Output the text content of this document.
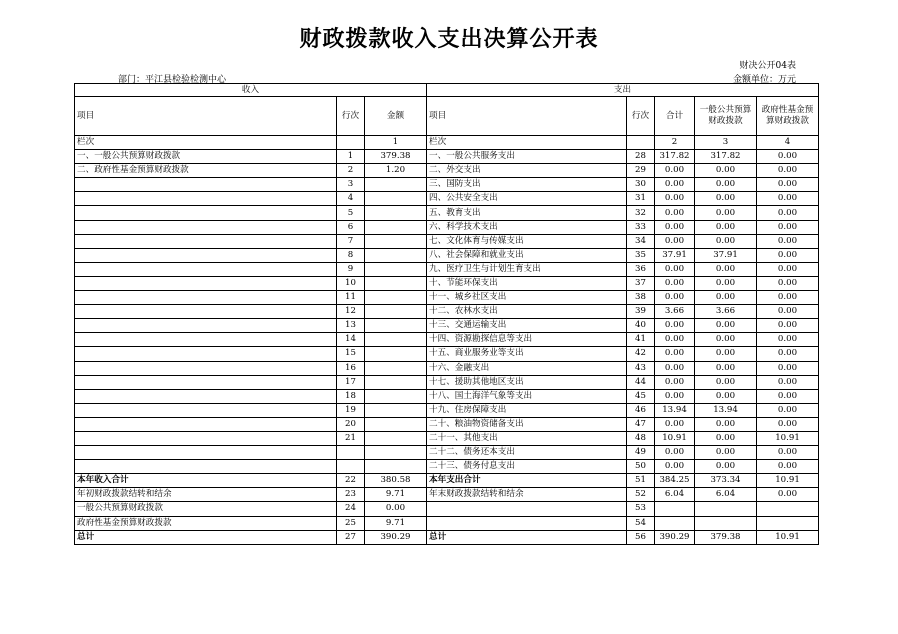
财政拨款收入支出决算公开表
财决公开04表
部门：平江县检验检测中心	金额单位：万元
收入			支出				
项目	行次	金额	项目	行次	合计	一般公共预算财政拨款	政府性基金预算财政拨款
栏次		1	栏次		2	3	4
一、一般公共预算财政拨款	1	379.38	一、一般公共服务支出	28	317.82	317.82	0.00
二、政府性基金预算财政拨款	2	1.20	二、外交支出	29	0.00	0.00	0.00
	3		三、国防支出	30	0.00	0.00	0.00
	4		四、公共安全支出	31	0.00	0.00	0.00
	5		五、教育支出	32	0.00	0.00	0.00
	6		六、科学技术支出	33	0.00	0.00	0.00
	7		七、文化体育与传媒支出	34	0.00	0.00	0.00
	8		八、社会保障和就业支出	35	37.91	37.91	0.00
	9		九、医疗卫生与计划生育支出	36	0.00	0.00	0.00
	10		十、节能环保支出	37	0.00	0.00	0.00
	11		十一、城乡社区支出	38	0.00	0.00	0.00
	12		十二、农林水支出	39	3.66	3.66	0.00
	13		十三、交通运输支出	40	0.00	0.00	0.00
	14		十四、资源勘探信息等支出	41	0.00	0.00	0.00
	15		十五、商业服务业等支出	42	0.00	0.00	0.00
	16		十六、金融支出	43	0.00	0.00	0.00
	17		十七、援助其他地区支出	44	0.00	0.00	0.00
	18		十八、国土海洋气象等支出	45	0.00	0.00	0.00
	19		十九、住房保障支出	46	13.94	13.94	0.00
	20		二十、粮油物资储备支出	47	0.00	0.00	0.00
	21		二十一、其他支出	48	10.91	0.00	10.91
			二十二、债务还本支出	49	0.00	0.00	0.00
			二十三、债务付息支出	50	0.00	0.00	0.00
本年收入合计	22	380.58	本年支出合计	51	384.25	373.34	10.91
年初财政拨款结转和结余	23	9.71	年末财政拨款结转和结余	52	6.04	6.04	0.00
一般公共预算财政拨款	24	0.00		53			
政府性基金预算财政拨款	25	9.71		54			
总计	27	390.29	总计	56	390.29	379.38	10.91
